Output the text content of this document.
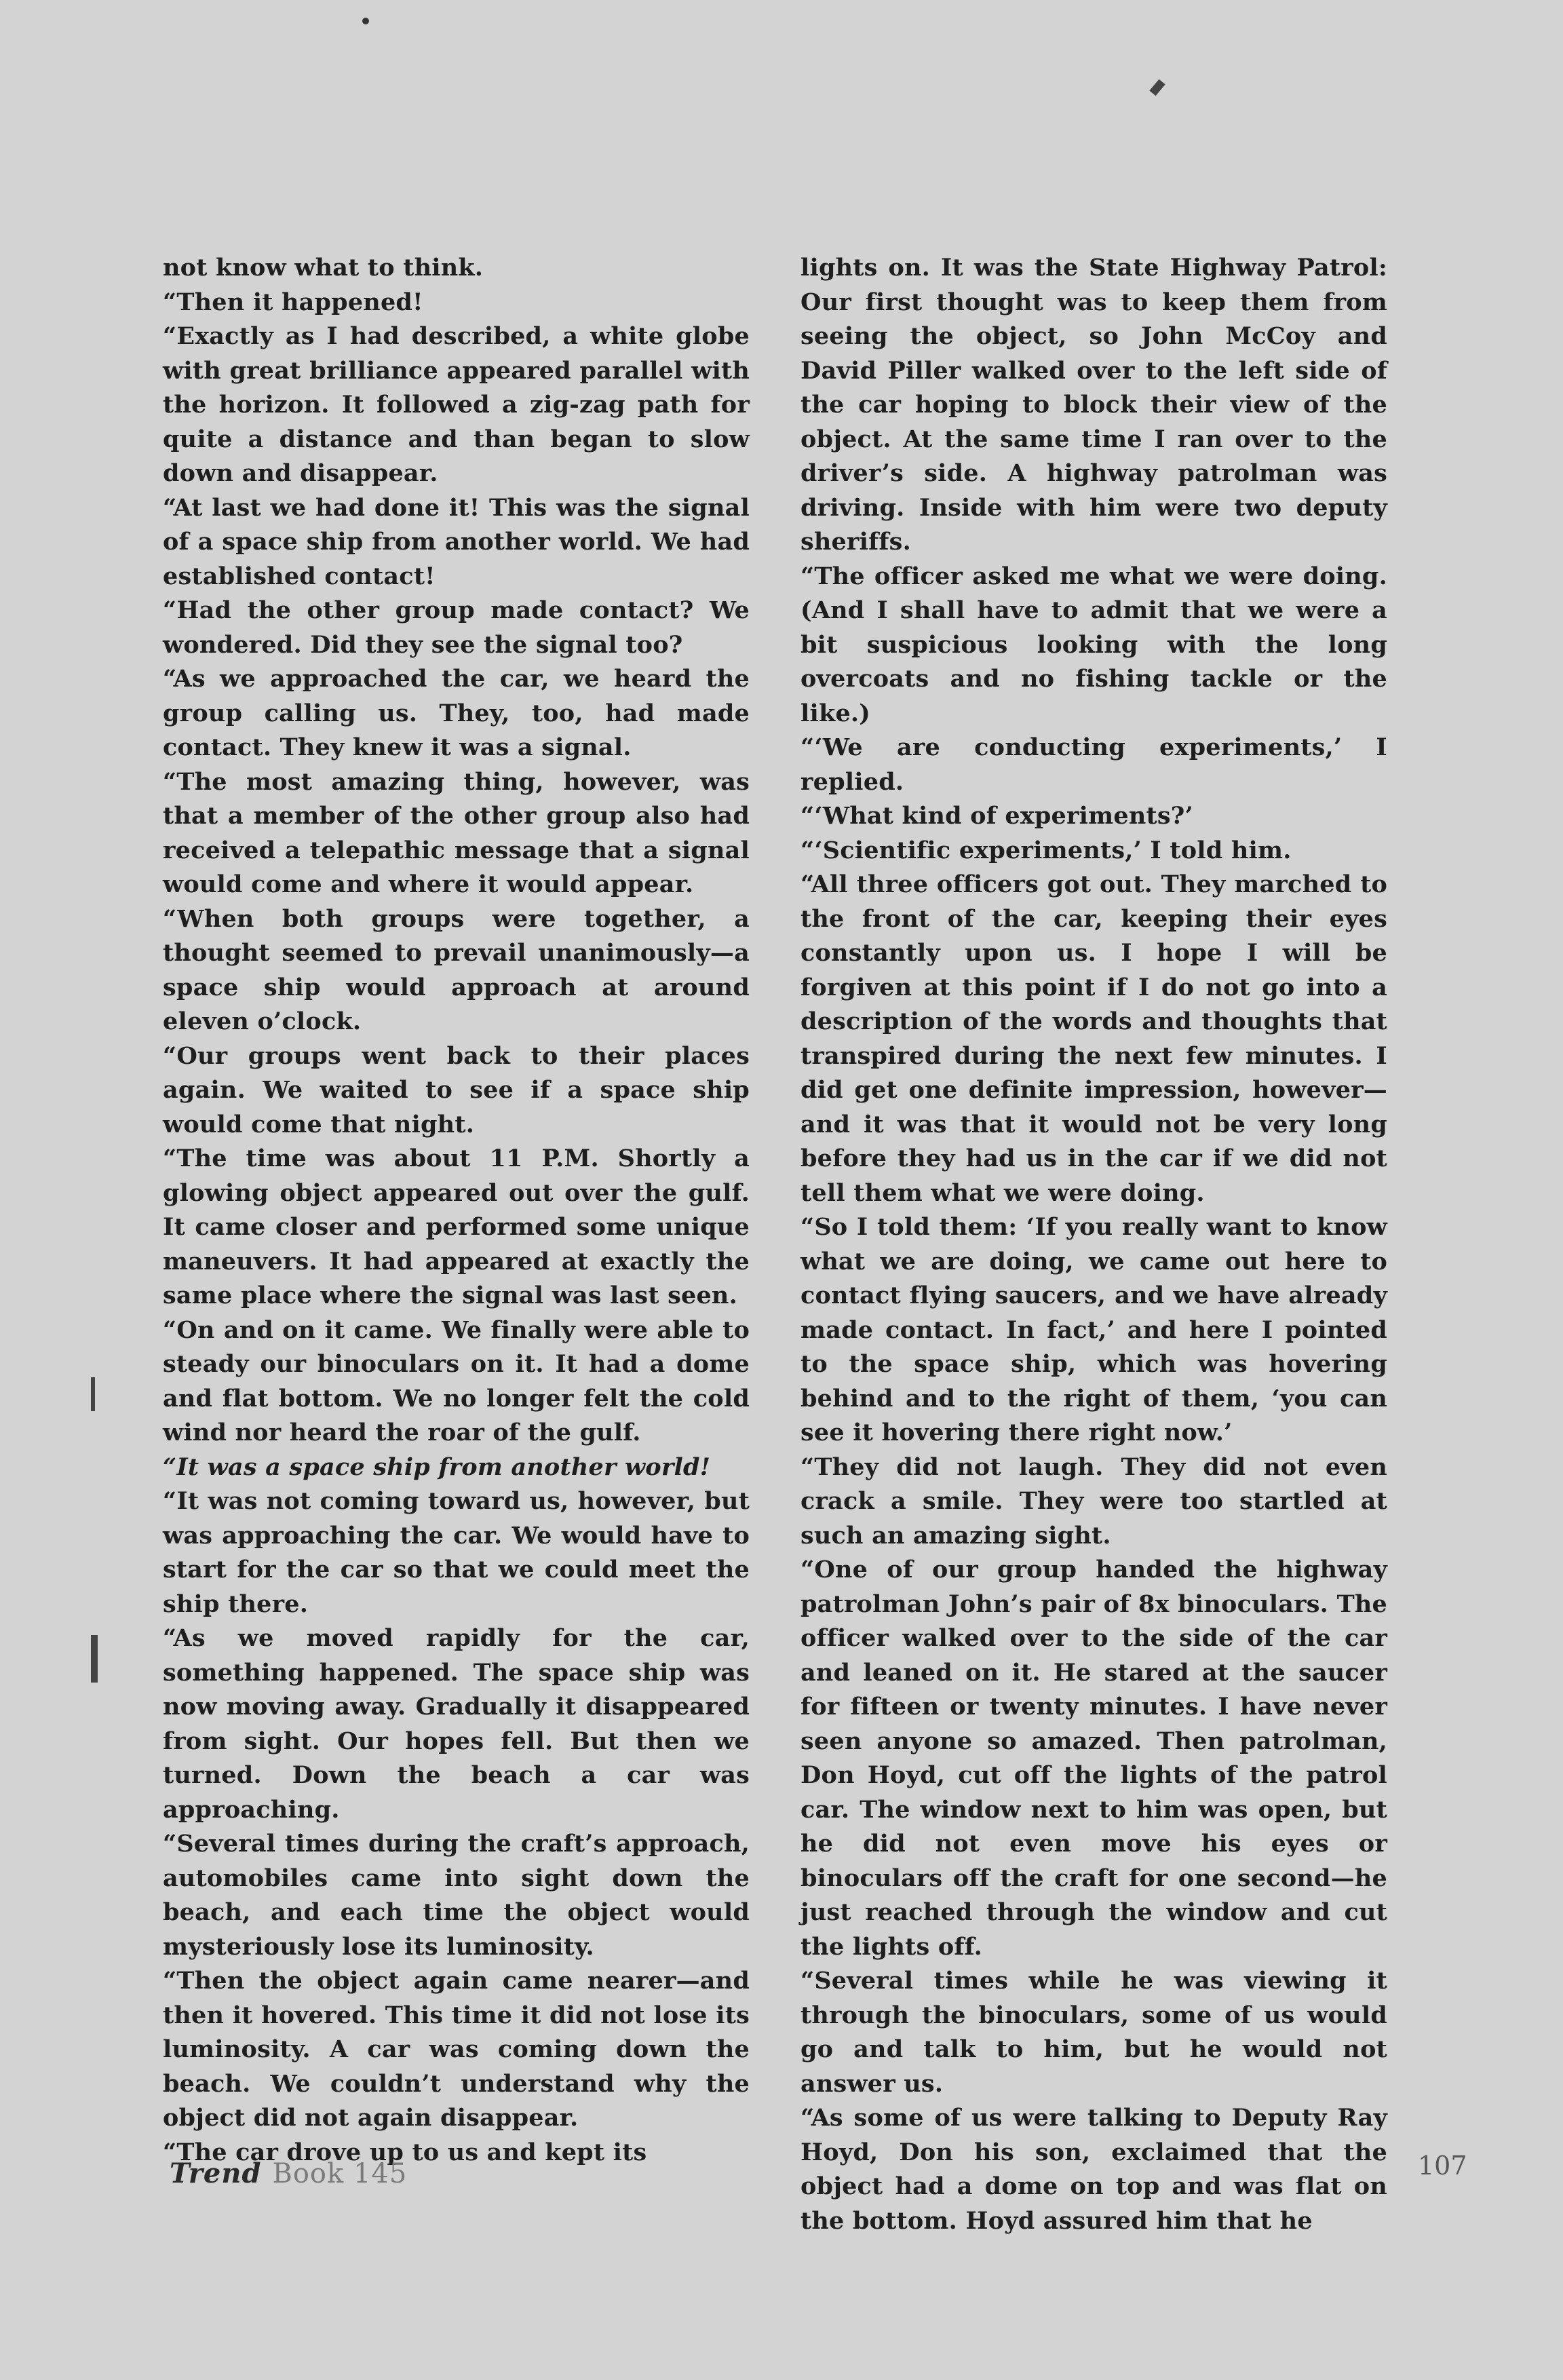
not know what to think.

“Then it happened!

“Exactly as I had described, a white globe with great brilliance appeared parallel with the horizon. It followed a zig-zag path for quite a distance and than began to slow down and disappear.

“At last we had done it! This was the signal of a space ship from another world. We had established contact!

“Had the other group made contact? We wondered. Did they see the signal too?

“As we approached the car, we heard the group calling us. They, too, had made contact. They knew it was a signal.

“The most amazing thing, however, was that a member of the other group also had received a telepathic message that a signal would come and where it would appear.

“When both groups were together, a thought seemed to prevail unanimously—a space ship would approach at around eleven o’clock.

“Our groups went back to their places again. We waited to see if a space ship would come that night.

“The time was about 11 P.M. Shortly a glowing object appeared out over the gulf. It came closer and performed some unique maneuvers. It had appeared at exactly the same place where the signal was last seen.

“On and on it came. We finally were able to steady our binoculars on it. It had a dome and flat bottom. We no longer felt the cold wind nor heard the roar of the gulf.

“It was a space ship from another world!

“It was not coming toward us, however, but was approaching the car. We would have to start for the car so that we could meet the ship there.

“As we moved rapidly for the car, something happened. The space ship was now moving away. Gradually it disappeared from sight. Our hopes fell. But then we turned. Down the beach a car was approaching.

“Several times during the craft’s approach, automobiles came into sight down the beach, and each time the object would mysteriously lose its luminosity.

“Then the object again came nearer—and then it hovered. This time it did not lose its luminosity. A car was coming down the beach. We couldn’t understand why the object did not again disappear.

“The car drove up to us and kept its

lights on. It was the State Highway Patrol: Our first thought was to keep them from seeing the object, so John McCoy and David Piller walked over to the left side of the car hoping to block their view of the object. At the same time I ran over to the driver’s side. A highway patrolman was driving. Inside with him were two deputy sheriffs.

“The officer asked me what we were doing. (And I shall have to admit that we were a bit suspicious looking with the long overcoats and no fishing tackle or the like.)

“‘We are conducting experiments,’ I replied.

“‘What kind of experiments?’

“‘Scientific experiments,’ I told him.

“All three officers got out. They marched to the front of the car, keeping their eyes constantly upon us. I hope I will be forgiven at this point if I do not go into a description of the words and thoughts that transpired during the next few minutes. I did get one definite impression, however—and it was that it would not be very long before they had us in the car if we did not tell them what we were doing.

“So I told them: ‘If you really want to know what we are doing, we came out here to contact flying saucers, and we have already made contact. In fact,’ and here I pointed to the space ship, which was hovering behind and to the right of them, ‘you can see it hovering there right now.’

“They did not laugh. They did not even crack a smile. They were too startled at such an amazing sight.

“One of our group handed the highway patrolman John’s pair of 8x binoculars. The officer walked over to the side of the car and leaned on it. He stared at the saucer for fifteen or twenty minutes. I have never seen anyone so amazed. Then patrolman, Don Hoyd, cut off the lights of the patrol car. The window next to him was open, but he did not even move his eyes or binoculars off the craft for one second—he just reached through the window and cut the lights off.

“Several times while he was viewing it through the binoculars, some of us would go and talk to him, but he would not answer us.

“As some of us were talking to Deputy Ray Hoyd, Don his son, exclaimed that the object had a dome on top and was flat on the bottom. Hoyd assured him that he

Trend Book 145	107
